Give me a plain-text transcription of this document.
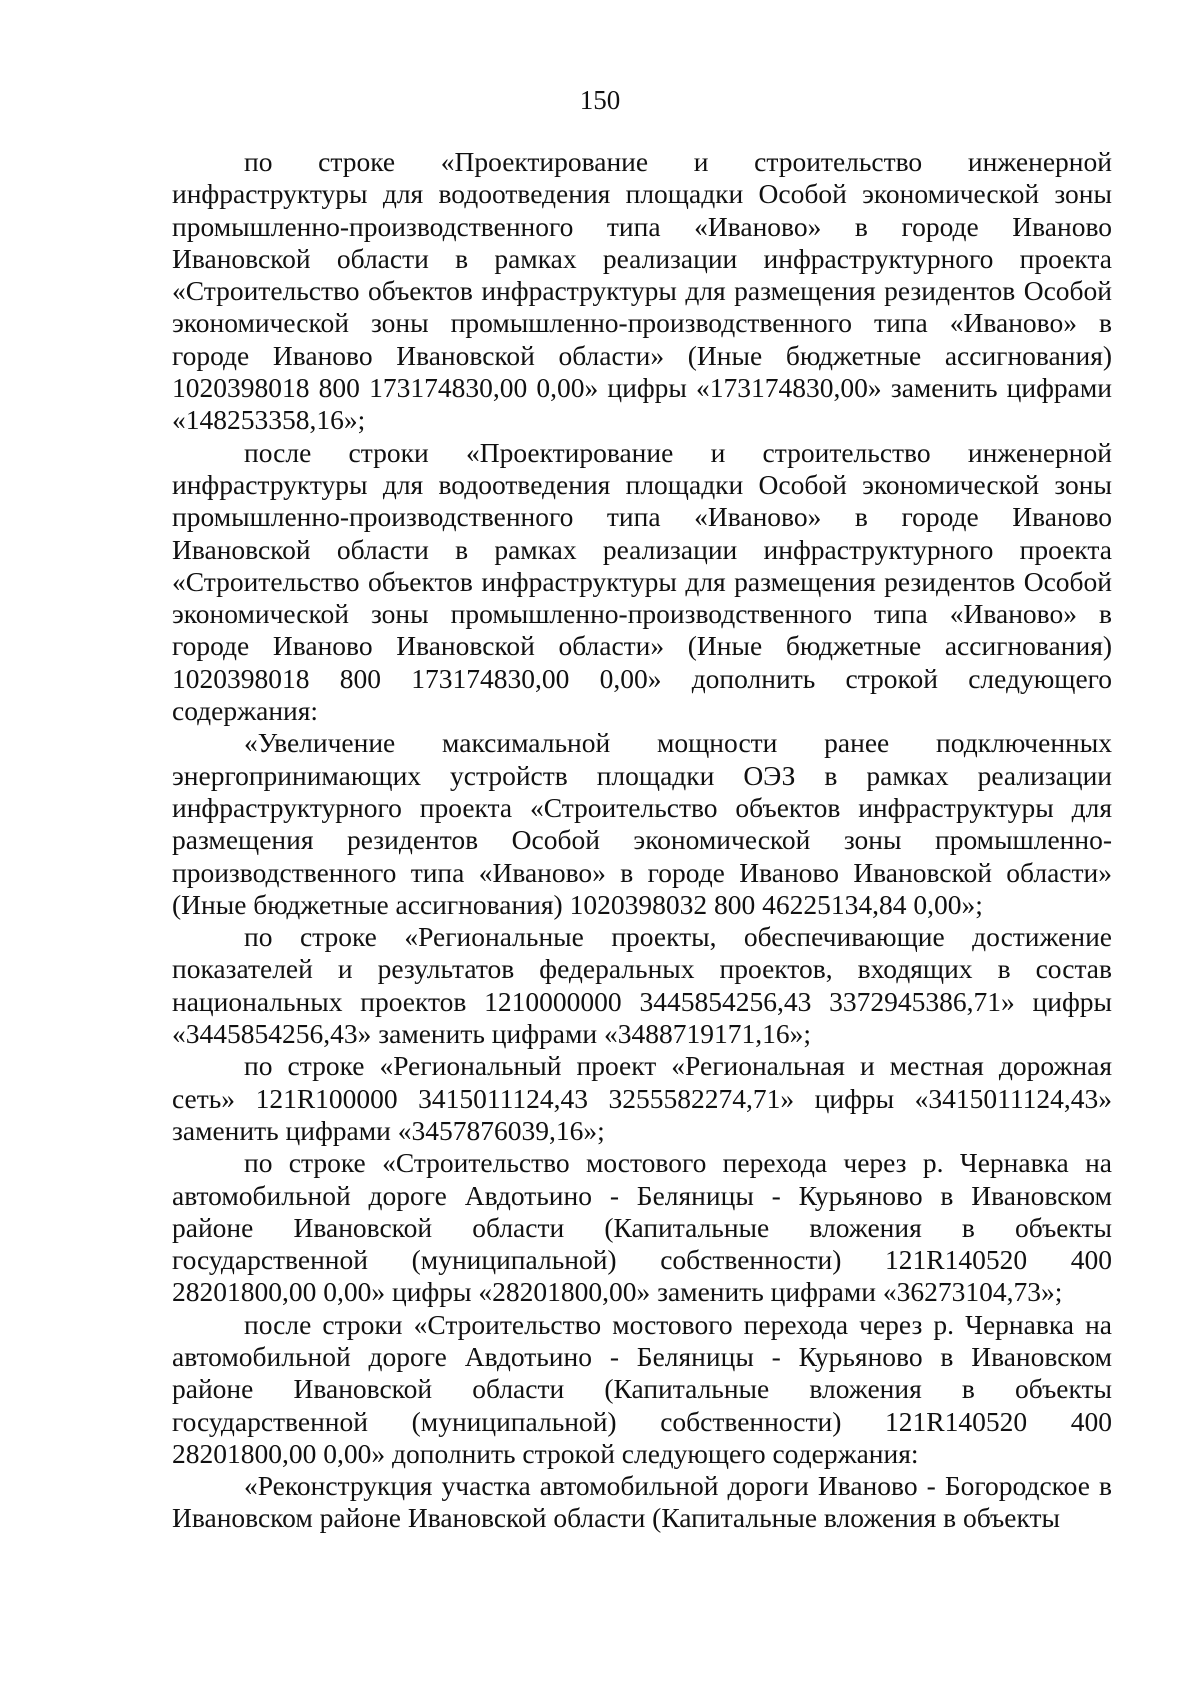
150

по строке «Проектирование и строительство инженерной инфраструктуры для водоотведения площадки Особой экономической зоны промышленно-производственного типа «Иваново» в городе Иваново Ивановской области в рамках реализации инфраструктурного проекта «Строительство объектов инфраструктуры для размещения резидентов Особой экономической зоны промышленно-производственного типа «Иваново» в городе Иваново Ивановской области» (Иные бюджетные ассигнования) 1020398018 800 173174830,00 0,00» цифры «173174830,00» заменить цифрами «148253358,16»;

после строки «Проектирование и строительство инженерной инфраструктуры для водоотведения площадки Особой экономической зоны промышленно-производственного типа «Иваново» в городе Иваново Ивановской области в рамках реализации инфраструктурного проекта «Строительство объектов инфраструктуры для размещения резидентов Особой экономической зоны промышленно-производственного типа «Иваново» в городе Иваново Ивановской области» (Иные бюджетные ассигнования) 1020398018 800 173174830,00 0,00» дополнить строкой следующего содержания:

«Увеличение максимальной мощности ранее подключенных энергопринимающих устройств площадки ОЭЗ в рамках реализации инфраструктурного проекта «Строительство объектов инфраструктуры для размещения резидентов Особой экономической зоны промышленно-производственного типа «Иваново» в городе Иваново Ивановской области» (Иные бюджетные ассигнования) 1020398032 800 46225134,84 0,00»;

по строке «Региональные проекты, обеспечивающие достижение показателей и результатов федеральных проектов, входящих в состав национальных проектов 1210000000 3445854256,43 3372945386,71» цифры «3445854256,43» заменить цифрами «3488719171,16»;

по строке «Региональный проект «Региональная и местная дорожная сеть» 121R100000 3415011124,43 3255582274,71» цифры «3415011124,43» заменить цифрами «3457876039,16»;

по строке «Строительство мостового перехода через р. Чернавка на автомобильной дороге Авдотьино - Беляницы - Курьяново в Ивановском районе Ивановской области (Капитальные вложения в объекты государственной (муниципальной) собственности) 121R140520 400 28201800,00 0,00» цифры «28201800,00» заменить цифрами «36273104,73»;

после строки «Строительство мостового перехода через р. Чернавка на автомобильной дороге Авдотьино - Беляницы - Курьяново в Ивановском районе Ивановской области (Капитальные вложения в объекты государственной (муниципальной) собственности) 121R140520 400 28201800,00 0,00» дополнить строкой следующего содержания:

«Реконструкция участка автомобильной дороги Иваново - Богородское в Ивановском районе Ивановской области (Капитальные вложения в объекты
